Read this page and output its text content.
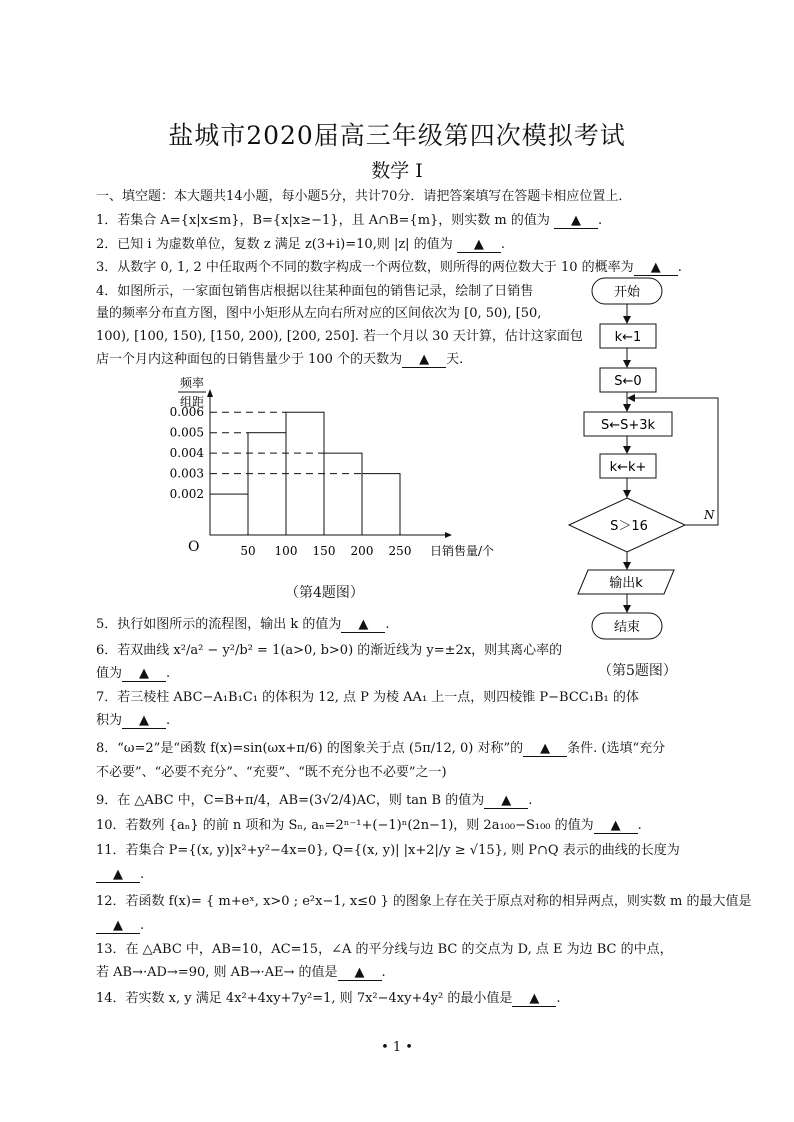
盐城市2020届高三年级第四次模拟考试
数学 I
一、填空题：本大题共14小题，每小题5分，共计70分．请把答案填写在答题卡相应位置上．
1．若集合 A={x|x≤m}，B={x|x≥−1}，且 A∩B={m}，则实数 m 的值为 ▲ .
2．已知 i 为虚数单位，复数 z 满足 z(3+i)=10,则 |z| 的值为 ▲ .
3．从数字 0, 1, 2 中任取两个不同的数字构成一个两位数，则所得的两位数大于 10 的概率为 ▲ .
4．如图所示，一家面包销售店根据以往某种面包的销售记录，绘制了日销售
量的频率分布直方图，图中小矩形从左向右所对应的区间依次为 [0, 50), [50,
100), [100, 150), [150, 200), [200, 250]. 若一个月以 30 天计算，估计这家面包
店一个月内这种面包的日销售量少于 100 个的天数为 ▲ 天.
0.006
0.005
0.004
0.003
0.002
50 100 150 200 250
O	日销售量/个
频率
组距
（第4题图）
开始
k←1
S←0
S←S+3k
k←k+
S＞16
N
输出k
结束
（第5题图）
5．执行如图所示的流程图，输出 k 的值为 ▲ .
6．若双曲线 x²/a² − y²/b² = 1(a>0, b>0) 的渐近线为 y=±2x，则其离心率的
值为 ▲ .
7．若三棱柱 ABC−A₁B₁C₁ 的体积为 12, 点 P 为棱 AA₁ 上一点，则四棱锥 P−BCC₁B₁ 的体
积为 ▲ .
8．“ω=2”是“函数 f(x)=sin(ωx+π/6) 的图象关于点 (5π/12, 0) 对称”的 ▲ 条件. (选填“充分
不必要”、“必要不充分”、“充要”、“既不充分也不必要”之一)
9．在 △ABC 中，C=B+π/4，AB=(3√2/4)AC，则 tan B 的值为 ▲ .
10．若数列 {aₙ} 的前 n 项和为 Sₙ, aₙ=2ⁿ⁻¹+(−1)ⁿ(2n−1)，则 2a₁₀₀−S₁₀₀ 的值为 ▲ .
11．若集合 P={(x, y)|x²+y²−4x=0}, Q={(x, y)| |x+2|/y ≥ √15}, 则 P∩Q 表示的曲线的长度为
▲ .
12．若函数 f(x)= { m+eˣ, x>0 ; e²x−1, x≤0 } 的图象上存在关于原点对称的相异两点，则实数 m 的最大值是
▲ .
13．在 △ABC 中，AB=10，AC=15，∠A 的平分线与边 BC 的交点为 D, 点 E 为边 BC 的中点，
若 AB→·AD→=90, 则 AB→·AE→ 的值是 ▲ .
14．若实数 x, y 满足 4x²+4xy+7y²=1, 则 7x²−4xy+4y² 的最小值是 ▲ .
• 1 •
